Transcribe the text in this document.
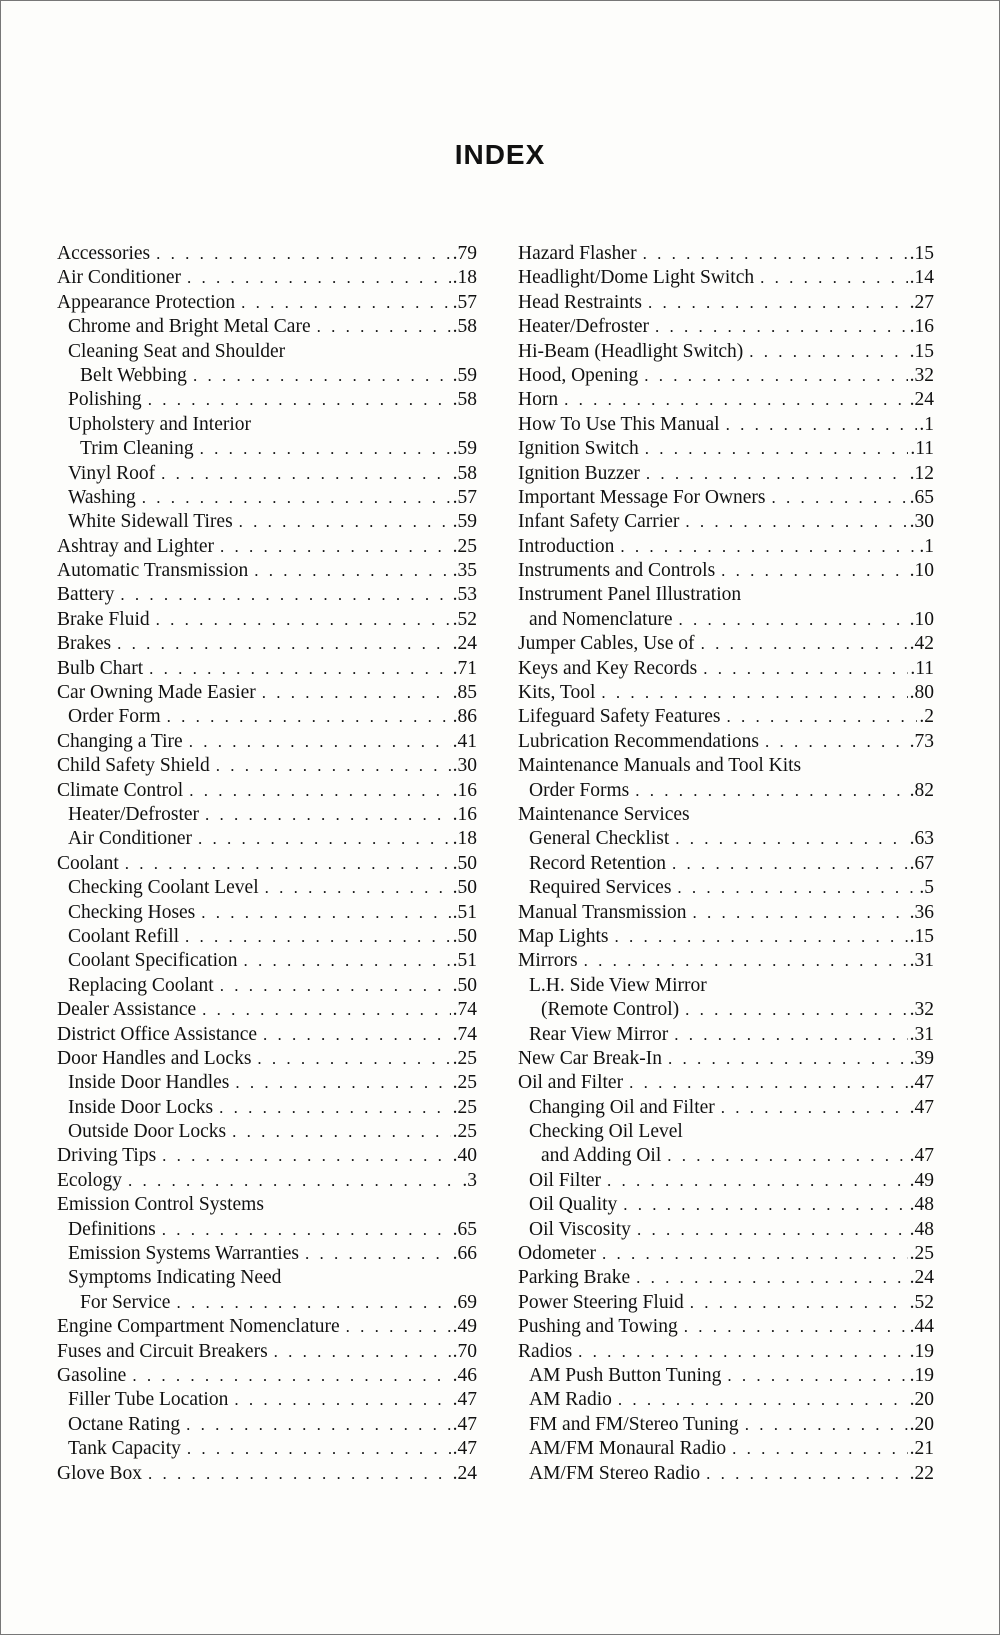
INDEX
Accessories . . .	.79
Air Conditioner . . .	.18
Appearance Protection . . .	.57
Chrome and Bright Metal Care . . .	.58
Cleaning Seat and Shoulder
Belt Webbing . . .	.59
Polishing . . .	.58
Upholstery and Interior
Trim Cleaning . . .	.59
Vinyl Roof . . .	.58
Washing . . .	.57
White Sidewall Tires . . .	.59
Ashtray and Lighter . . .	.25
Automatic Transmission . . .	.35
Battery . . .	.53
Brake Fluid . . .	.52
Brakes . . .	.24
Bulb Chart . . .	.71
Car Owning Made Easier . . .	.85
Order Form . . .	.86
Changing a Tire . . .	.41
Child Safety Shield . . .	.30
Climate Control . . .	.16
Heater/Defroster . . .	.16
Air Conditioner . . .	.18
Coolant . . .	.50
Checking Coolant Level . . .	.50
Checking Hoses . . .	.51
Coolant Refill . . .	.50
Coolant Specification . . .	.51
Replacing Coolant . . .	.50
Dealer Assistance . . .	.74
District Office Assistance . . .	.74
Door Handles and Locks . . .	.25
Inside Door Handles . . .	.25
Inside Door Locks . . .	.25
Outside Door Locks . . .	.25
Driving Tips . . .	.40
Ecology . . .	.3
Emission Control Systems
Definitions . . .	.65
Emission Systems Warranties . . .	.66
Symptoms Indicating Need
For Service . . .	.69
Engine Compartment Nomenclature . . .	.49
Fuses and Circuit Breakers . . .	.70
Gasoline . . .	.46
Filler Tube Location . . .	.47
Octane Rating . . .	.47
Tank Capacity . . .	.47
Glove Box . . .	.24
Hazard Flasher . . .	.15
Headlight/Dome Light Switch . . .	.14
Head Restraints . . .	.27
Heater/Defroster . . .	.16
Hi-Beam (Headlight Switch) . . .	.15
Hood, Opening . . .	.32
Horn . . .	.24
How To Use This Manual . . .	.1
Ignition Switch . . .	.11
Ignition Buzzer . . .	.12
Important Message For Owners . . .	.65
Infant Safety Carrier . . .	.30
Introduction . . .	.1
Instruments and Controls . . .	.10
Instrument Panel Illustration
and Nomenclature . . .	.10
Jumper Cables, Use of . . .	.42
Keys and Key Records . . .	.11
Kits, Tool . . .	.80
Lifeguard Safety Features . . .	.2
Lubrication Recommendations . . .	.73
Maintenance Manuals and Tool Kits
Order Forms . . .	.82
Maintenance Services
General Checklist . . .	.63
Record Retention . . .	.67
Required Services . . .	.5
Manual Transmission . . .	.36
Map Lights . . .	.15
Mirrors . . .	.31
L.H. Side View Mirror
(Remote Control) . . .	.32
Rear View Mirror . . .	.31
New Car Break-In . . .	.39
Oil and Filter . . .	.47
Changing Oil and Filter . . .	.47
Checking Oil Level
and Adding Oil . . .	.47
Oil Filter . . .	.49
Oil Quality . . .	.48
Oil Viscosity . . .	.48
Odometer . . .	.25
Parking Brake . . .	.24
Power Steering Fluid . . .	.52
Pushing and Towing . . .	.44
Radios . . .	.19
AM Push Button Tuning . . .	.19
AM Radio . . .	.20
FM and FM/Stereo Tuning . . .	.20
AM/FM Monaural Radio . . .	.21
AM/FM Stereo Radio . . .	.22
